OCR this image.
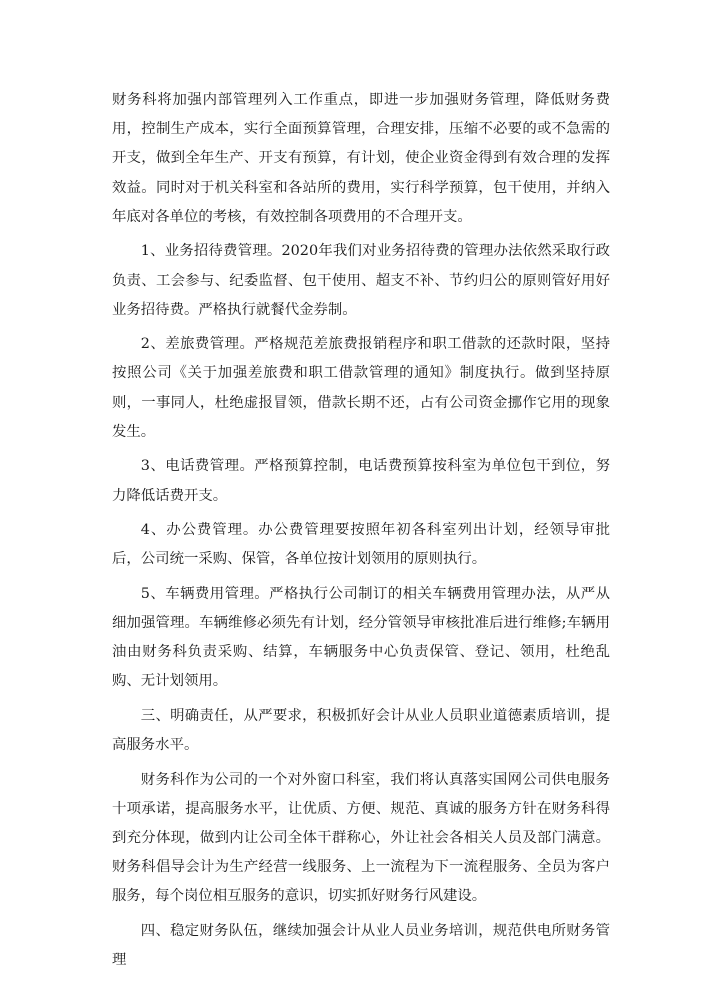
财务科将加强内部管理列入工作重点，即进一步加强财务管理，降低财务费用，控制生产成本，实行全面预算管理，合理安排，压缩不必要的或不急需的开支，做到全年生产、开支有预算，有计划，使企业资金得到有效合理的发挥效益。同时对于机关科室和各站所的费用，实行科学预算，包干使用，并纳入年底对各单位的考核，有效控制各项费用的不合理开支。

1、业务招待费管理。2020年我们对业务招待费的管理办法依然采取行政负责、工会参与、纪委监督、包干使用、超支不补、节约归公的原则管好用好业务招待费。严格执行就餐代金券制。

2、差旅费管理。严格规范差旅费报销程序和职工借款的还款时限，坚持按照公司《关于加强差旅费和职工借款管理的通知》制度执行。做到坚持原则，一事同人，杜绝虚报冒领，借款长期不还，占有公司资金挪作它用的现象发生。

3、电话费管理。严格预算控制，电话费预算按科室为单位包干到位，努力降低话费开支。

4、办公费管理。办公费管理要按照年初各科室列出计划，经领导审批后，公司统一采购、保管，各单位按计划领用的原则执行。

5、车辆费用管理。严格执行公司制订的相关车辆费用管理办法，从严从细加强管理。车辆维修必须先有计划，经分管领导审核批准后进行维修;车辆用油由财务科负责采购、结算，车辆服务中心负责保管、登记、领用，杜绝乱购、无计划领用。

三、明确责任，从严要求，积极抓好会计从业人员职业道德素质培训，提高服务水平。

财务科作为公司的一个对外窗口科室，我们将认真落实国网公司供电服务十项承诺，提高服务水平，让优质、方便、规范、真诚的服务方针在财务科得到充分体现，做到内让公司全体干群称心，外让社会各相关人员及部门满意。财务科倡导会计为生产经营一线服务、上一流程为下一流程服务、全员为客户服务，每个岗位相互服务的意识，切实抓好财务行风建设。

四、稳定财务队伍，继续加强会计从业人员业务培训，规范供电所财务管理
